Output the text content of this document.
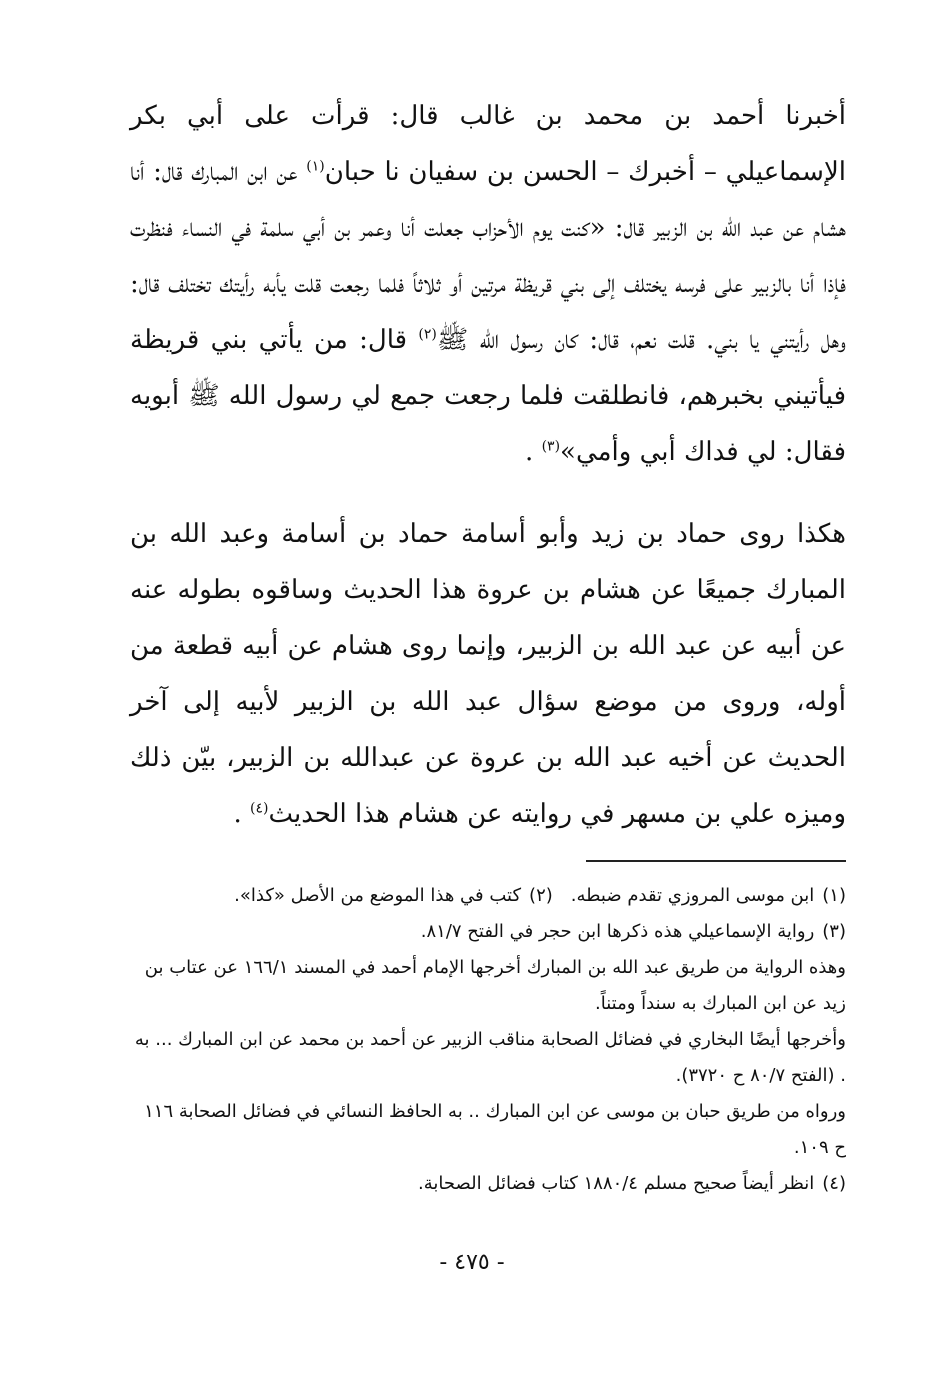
أخبرنا أحمد بن محمد بن غالب قال: قرأت على أبي بكر الإسماعيلي – أخبرك – الحسن بن سفيان نا حبان$^{(١)}$ عن ابن المبارك قال: أنا هشام عن عبد الله بن الزبير قال: «كنت يوم الأحزاب جعلت أنا وعمر بن أبي سلمة في النساء فنظرت فإذا أنا بالزبير على فرسه يختلف إلى بني قريظة مرتين أو ثلاثاً فلما رجعت قلت يأبه رأيتك تختلف قال: وهل رأيتني يا بني. قلت نعم، قال: كان رسول الله ﷺ$^{(٢)}$ قال: من يأتي بني قريظة فيأتيني بخبرهم، فانطلقت فلما رجعت جمع لي رسول الله ﷺ أبويه فقال: لي فداك أبي وأمي»$^{(٣)}$ .

هكذا روى حماد بن زيد وأبو أسامة حماد بن أسامة وعبد الله بن المبارك جميعًا عن هشام بن عروة هذا الحديث وساقوه بطوله عنه عن أبيه عن عبد الله بن الزبير، وإنما روى هشام عن أبيه قطعة من أوله، وروى من موضع سؤال عبد الله بن الزبير لأبيه إلى آخر الحديث عن أخيه عبد الله بن عروة عن عبدالله بن الزبير، بيّن ذلك وميزه علي بن مسهر في روايته عن هشام هذا الحديث$^{(٤)}$ .

(١)ابن موسى المروزي تقدم ضبطه.(٢)كتب في هذا الموضع من الأصل «كذا».

(٣)رواية الإسماعيلي هذه ذكرها ابن حجر في الفتح ٨١/٧.

وهذه الرواية من طريق عبد الله بن المبارك أخرجها الإمام أحمد في المسند ١٦٦/١ عن عتاب بن زيد عن ابن المبارك به سنداً ومتناً.

وأخرجها أيضًا البخاري في فضائل الصحابة مناقب الزبير عن أحمد بن محمد عن ابن المبارك ... به . (الفتح ٨٠/٧ ح ٣٧٢٠).

ورواه من طريق حبان بن موسى عن ابن المبارك .. به الحافظ النسائي في فضائل الصحابة ١١٦ ح ١٠٩.

(٤)انظر أيضاً صحيح مسلم ١٨٨٠/٤ كتاب فضائل الصحابة.

- ٤٧٥ -
